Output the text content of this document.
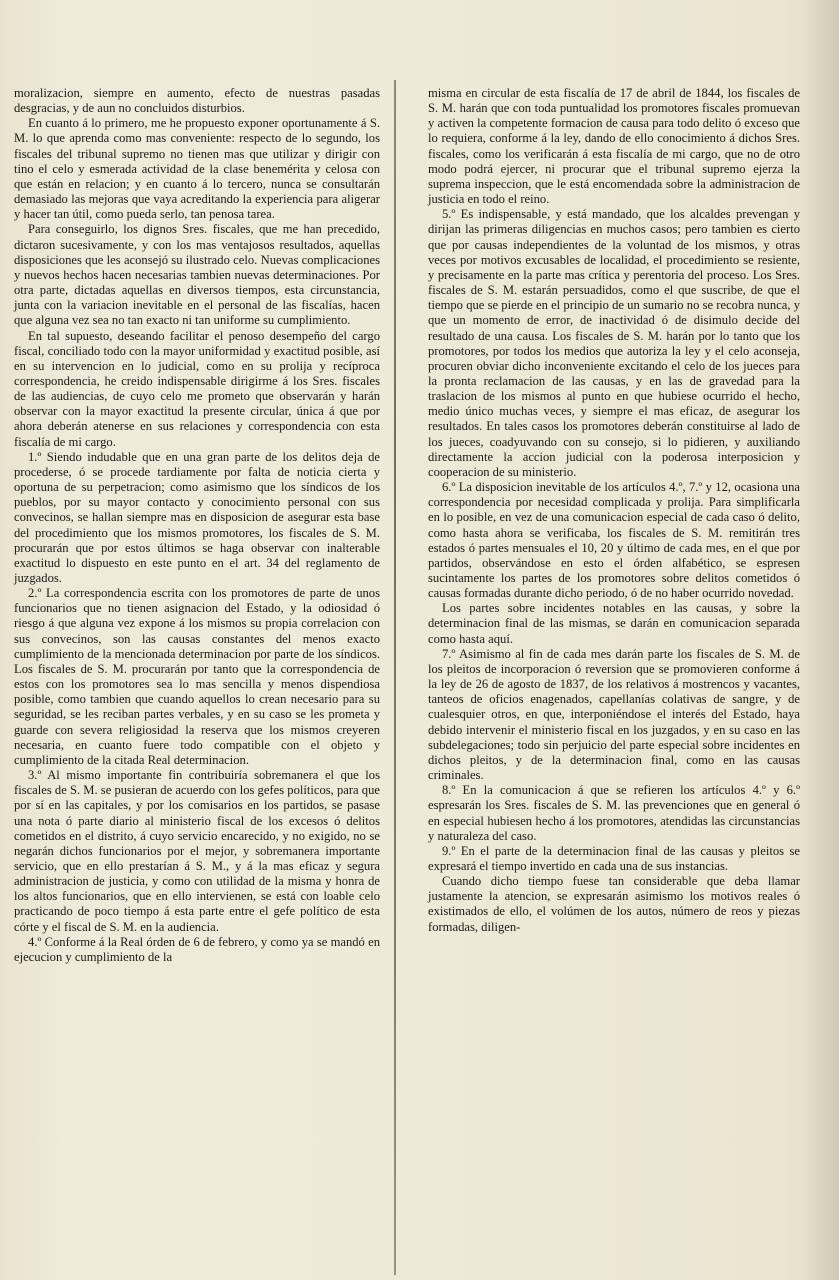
moralizacion, siempre en aumento, efecto de nuestras pasadas desgracias, y de aun no concluidos disturbios.

En cuanto á lo primero, me he propuesto exponer oportunamente á S. M. lo que aprenda como mas conveniente: respecto de lo segundo, los fiscales del tribunal supremo no tienen mas que utilizar y dirigir con tino el celo y esmerada actividad de la clase benemérita y celosa con que están en relacion; y en cuanto á lo tercero, nunca se consultarán demasiado las mejoras que vaya acreditando la experiencia para aligerar y hacer tan útil, como pueda serlo, tan penosa tarea.

Para conseguirlo, los dignos Sres. fiscales, que me han precedido, dictaron sucesivamente, y con los mas ventajosos resultados, aquellas disposiciones que les aconsejó su ilustrado celo. Nuevas complicaciones y nuevos hechos hacen necesarias tambien nuevas determinaciones. Por otra parte, dictadas aquellas en diversos tiempos, esta circunstancia, junta con la variacion inevitable en el personal de las fiscalías, hacen que alguna vez sea no tan exacto ni tan uniforme su cumplimiento.

En tal supuesto, deseando facilitar el penoso desempeño del cargo fiscal, conciliado todo con la mayor uniformidad y exactitud posible, así en su intervencion en lo judicial, como en su prolija y recíproca correspondencia, he creido indispensable dirigirme á los Sres. fiscales de las audiencias, de cuyo celo me prometo que observarán y harán observar con la mayor exactitud la presente circular, única á que por ahora deberán atenerse en sus relaciones y correspondencia con esta fiscalía de mi cargo.

1.º Siendo indudable que en una gran parte de los delitos deja de procederse, ó se procede tardiamente por falta de noticia cierta y oportuna de su perpetracion; como asimismo que los síndicos de los pueblos, por su mayor contacto y conocimiento personal con sus convecinos, se hallan siempre mas en disposicion de asegurar esta base del procedimiento que los mismos promotores, los fiscales de S. M. procurarán que por estos últimos se haga observar con inalterable exactitud lo dispuesto en este punto en el art. 34 del reglamento de juzgados.

2.º La correspondencia escrita con los promotores de parte de unos funcionarios que no tienen asignacion del Estado, y la odiosidad ó riesgo á que alguna vez expone á los mismos su propia correlacion con sus convecinos, son las causas constantes del menos exacto cumplimiento de la mencionada determinacion por parte de los síndicos. Los fiscales de S. M. procurarán por tanto que la correspondencia de estos con los promotores sea lo mas sencilla y menos dispendiosa posible, como tambien que cuando aquellos lo crean necesario para su seguridad, se les reciban partes verbales, y en su caso se les prometa y guarde con severa religiosidad la reserva que los mismos creyeren necesaria, en cuanto fuere todo compatible con el objeto y cumplimiento de la citada Real determinacion.

3.º Al mismo importante fin contribuiría sobremanera el que los fiscales de S. M. se pusieran de acuerdo con los gefes políticos, para que por sí en las capitales, y por los comisarios en los partidos, se pasase una nota ó parte diario al ministerio fiscal de los excesos ó delitos cometidos en el distrito, á cuyo servicio encarecido, y no exigido, no se negarán dichos funcionarios por el mejor, y sobremanera importante servicio, que en ello prestarían á S. M., y á la mas eficaz y segura administracion de justicia, y como con utilidad de la misma y honra de los altos funcionarios, que en ello intervienen, se está con loable celo practicando de poco tiempo á esta parte entre el gefe político de esta córte y el fiscal de S. M. en la audiencia.

4.º Conforme á la Real órden de 6 de febrero, y como ya se mandó en ejecucion y cumplimiento de la

misma en circular de esta fiscalía de 17 de abril de 1844, los fiscales de S. M. harán que con toda puntualidad los promotores fiscales promuevan y activen la competente formacion de causa para todo delito ó exceso que lo requiera, conforme á la ley, dando de ello conocimiento á dichos Sres. fiscales, como los verificarán á esta fiscalía de mi cargo, que no de otro modo podrá ejercer, ni procurar que el tribunal supremo ejerza la suprema inspeccion, que le está encomendada sobre la administracion de justicia en todo el reino.

5.º Es indispensable, y está mandado, que los alcaldes prevengan y dirijan las primeras diligencias en muchos casos; pero tambien es cierto que por causas independientes de la voluntad de los mismos, y otras veces por motivos excusables de localidad, el procedimiento se resiente, y precisamente en la parte mas crítica y perentoria del proceso. Los Sres. fiscales de S. M. estarán persuadidos, como el que suscribe, de que el tiempo que se pierde en el principio de un sumario no se recobra nunca, y que un momento de error, de inactividad ó de disimulo decide del resultado de una causa. Los fiscales de S. M. harán por lo tanto que los promotores, por todos los medios que autoriza la ley y el celo aconseja, procuren obviar dicho inconveniente excitando el celo de los jueces para la pronta reclamacion de las causas, y en las de gravedad para la traslacion de los mismos al punto en que hubiese ocurrido el hecho, medio único muchas veces, y siempre el mas eficaz, de asegurar los resultados. En tales casos los promotores deberán constituirse al lado de los jueces, coadyuvando con su consejo, si lo pidieren, y auxiliando directamente la accion judicial con la poderosa interposicion y cooperacion de su ministerio.

6.º La disposicion inevitable de los artículos 4.º, 7.º y 12, ocasiona una correspondencia por necesidad complicada y prolija. Para simplificarla en lo posible, en vez de una comunicacion especial de cada caso ó delito, como hasta ahora se verificaba, los fiscales de S. M. remitirán tres estados ó partes mensuales el 10, 20 y último de cada mes, en el que por partidos, observándose en esto el órden alfabético, se espresen sucintamente los partes de los promotores sobre delitos cometidos ó causas formadas durante dicho periodo, ó de no haber ocurrido novedad.

Los partes sobre incidentes notables en las causas, y sobre la determinacion final de las mismas, se darán en comunicacion separada como hasta aquí.

7.º Asimismo al fin de cada mes darán parte los fiscales de S. M. de los pleitos de incorporacion ó reversion que se promovieren conforme á la ley de 26 de agosto de 1837, de los relativos á mostrencos y vacantes, tanteos de oficios enagenados, capellanías colativas de sangre, y de cualesquier otros, en que, interponiéndose el interés del Estado, haya debido intervenir el ministerio fiscal en los juzgados, y en su caso en las subdelegaciones; todo sin perjuicio del parte especial sobre incidentes en dichos pleitos, y de la determinacion final, como en las causas criminales.

8.º En la comunicacion á que se refieren los artículos 4.º y 6.º espresarán los Sres. fiscales de S. M. las prevenciones que en general ó en especial hubiesen hecho á los promotores, atendidas las circunstancias y naturaleza del caso.

9.º En el parte de la determinacion final de las causas y pleitos se expresará el tiempo invertido en cada una de sus instancias.

Cuando dicho tiempo fuese tan considerable que deba llamar justamente la atencion, se expresarán asimismo los motivos reales ó existimados de ello, el volúmen de los autos, número de reos y piezas formadas, diligen-
